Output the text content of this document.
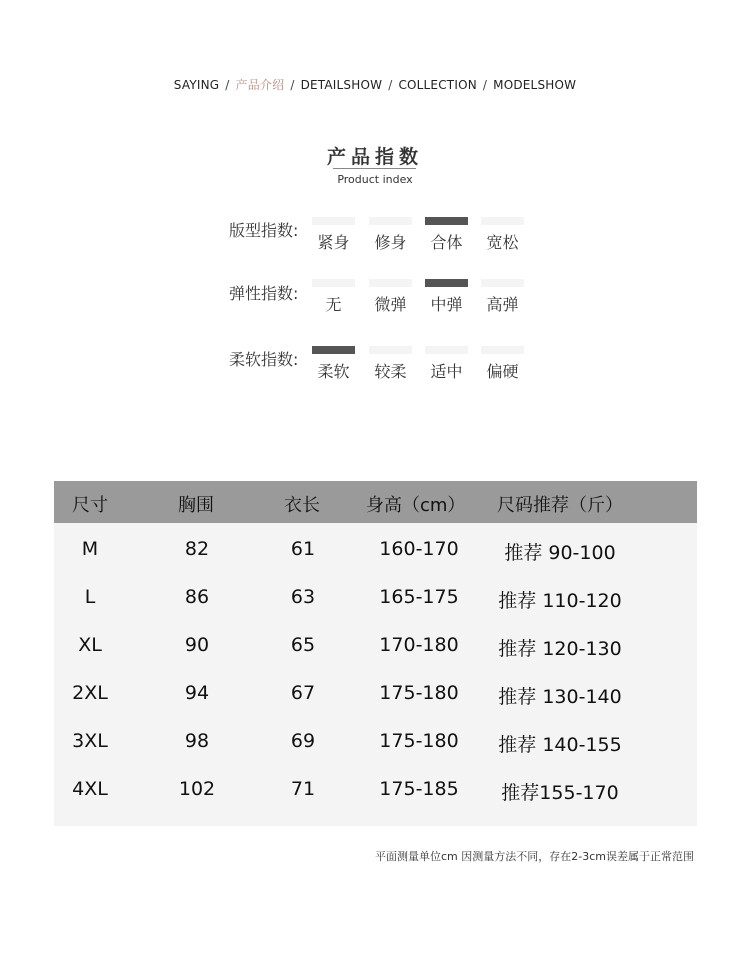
SAYING / 产品介绍 / DETAILSHOW / COLLECTION / MODELSHOW
产品指数
Product index
版型指数:
紧身	修身	合体	宽松
弹性指数:
无	微弹	中弹	高弹
柔软指数:
柔软	较柔	适中	偏硬
尺寸	胸围	衣长	身高（cm） 尺码推荐（斤）
M	82	61	160-170 推荐 90-100
L	86	63	165-175 推荐 110-120
XL	90	65	170-180 推荐 120-130
2XL	94	67	175-180 推荐 130-140
3XL	98	69	175-180 推荐 140-155
4XL	102	71	175-185 推荐155-170
平面测量单位cm 因测量方法不同，存在2-3cm误差属于正常范围
